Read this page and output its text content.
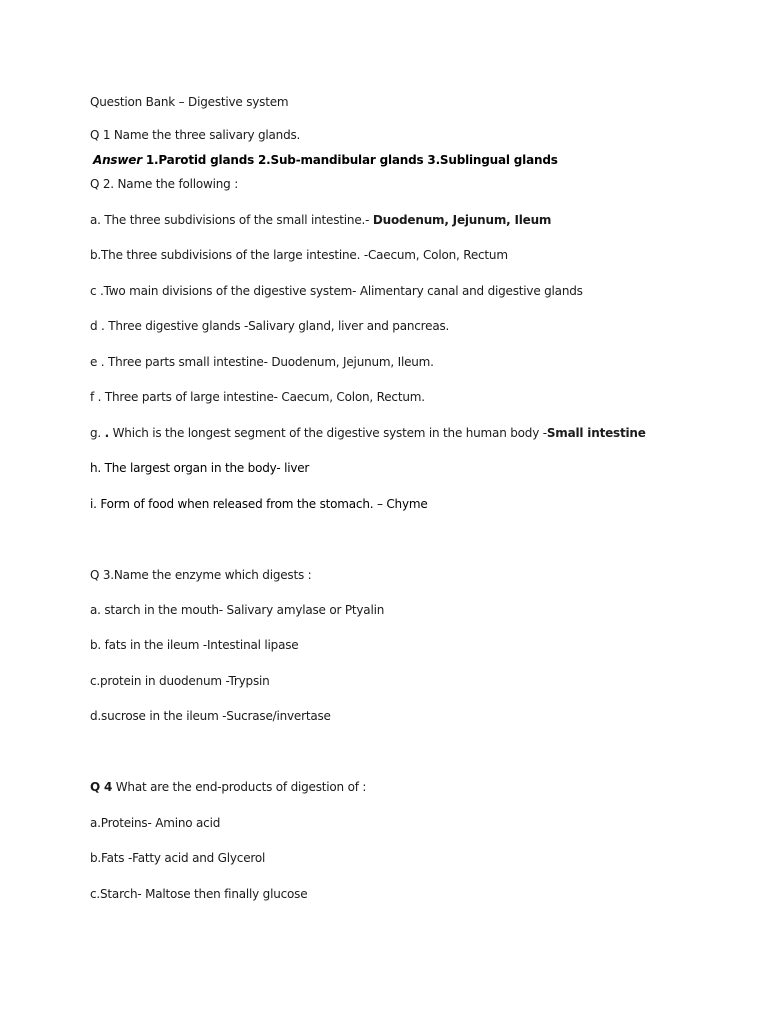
Question Bank – Digestive system
Q 1 Name the three salivary glands.
Answer 1.Parotid glands 2.Sub-mandibular glands 3.Sublingual glands
Q 2. Name the following :
a. The three subdivisions of the small intestine.- Duodenum, Jejunum, Ileum
b.The three subdivisions of the large intestine. -Caecum, Colon, Rectum
c .Two main divisions of the digestive system- Alimentary canal and digestive glands
d . Three digestive glands -Salivary gland, liver and pancreas.
e . Three parts small intestine- Duodenum, Jejunum, Ileum.
f . Three parts of large intestine- Caecum, Colon, Rectum.
g. . Which is the longest segment of the digestive system in the human body -Small intestine
h. The largest organ in the body- liver
i. Form of food when released from the stomach. – Chyme
Q 3.Name the enzyme which digests :
a. starch in the mouth- Salivary amylase or Ptyalin
b. fats in the ileum -Intestinal lipase
c.protein in duodenum -Trypsin
d.sucrose in the ileum -Sucrase/invertase
Q 4 What are the end-products of digestion of :
a.Proteins- Amino acid
b.Fats -Fatty acid and Glycerol
c.Starch- Maltose then finally glucose
